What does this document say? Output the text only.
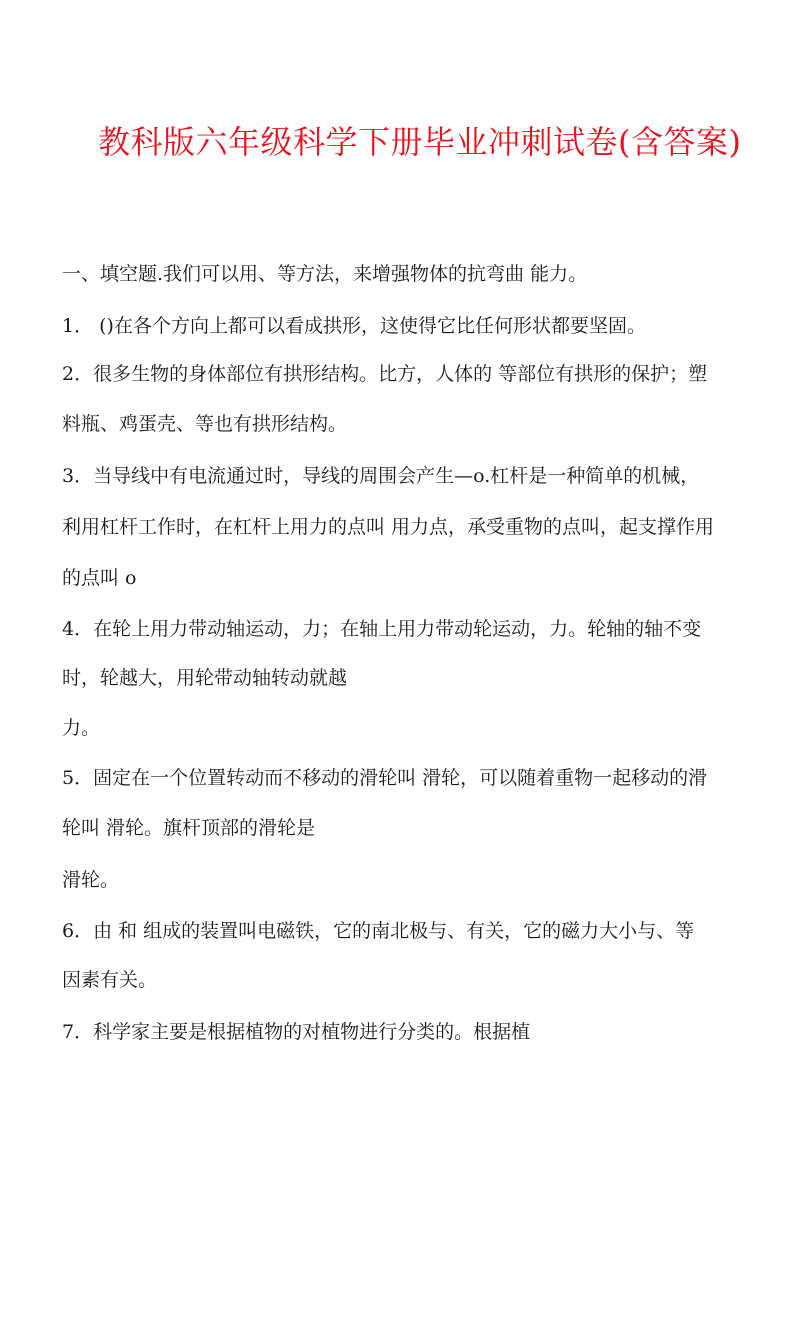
教科版六年级科学下册毕业冲刺试卷(含答案)

一、填空题.我们可以用、等方法，来增强物体的抗弯曲 能力。

1． ()在各个方向上都可以看成拱形，这使得它比任何形状都要坚固。

2．很多生物的身体部位有拱形结构。比方，人体的 等部位有拱形的保护；塑

料瓶、鸡蛋壳、等也有拱形结构。

3．当导线中有电流通过时，导线的周围会产生—o.杠杆是一种简单的机械，

利用杠杆工作时，在杠杆上用力的点叫 用力点，承受重物的点叫，起支撑作用

的点叫 o

4．在轮上用力带动轴运动，力；在轴上用力带动轮运动，力。轮轴的轴不变

时，轮越大，用轮带动轴转动就越

力。

5．固定在一个位置转动而不移动的滑轮叫 滑轮，可以随着重物一起移动的滑

轮叫 滑轮。旗杆顶部的滑轮是

滑轮。

6．由 和 组成的装置叫电磁铁，它的南北极与、有关，它的磁力大小与、等

因素有关。

7．科学家主要是根据植物的对植物进行分类的。根据植
